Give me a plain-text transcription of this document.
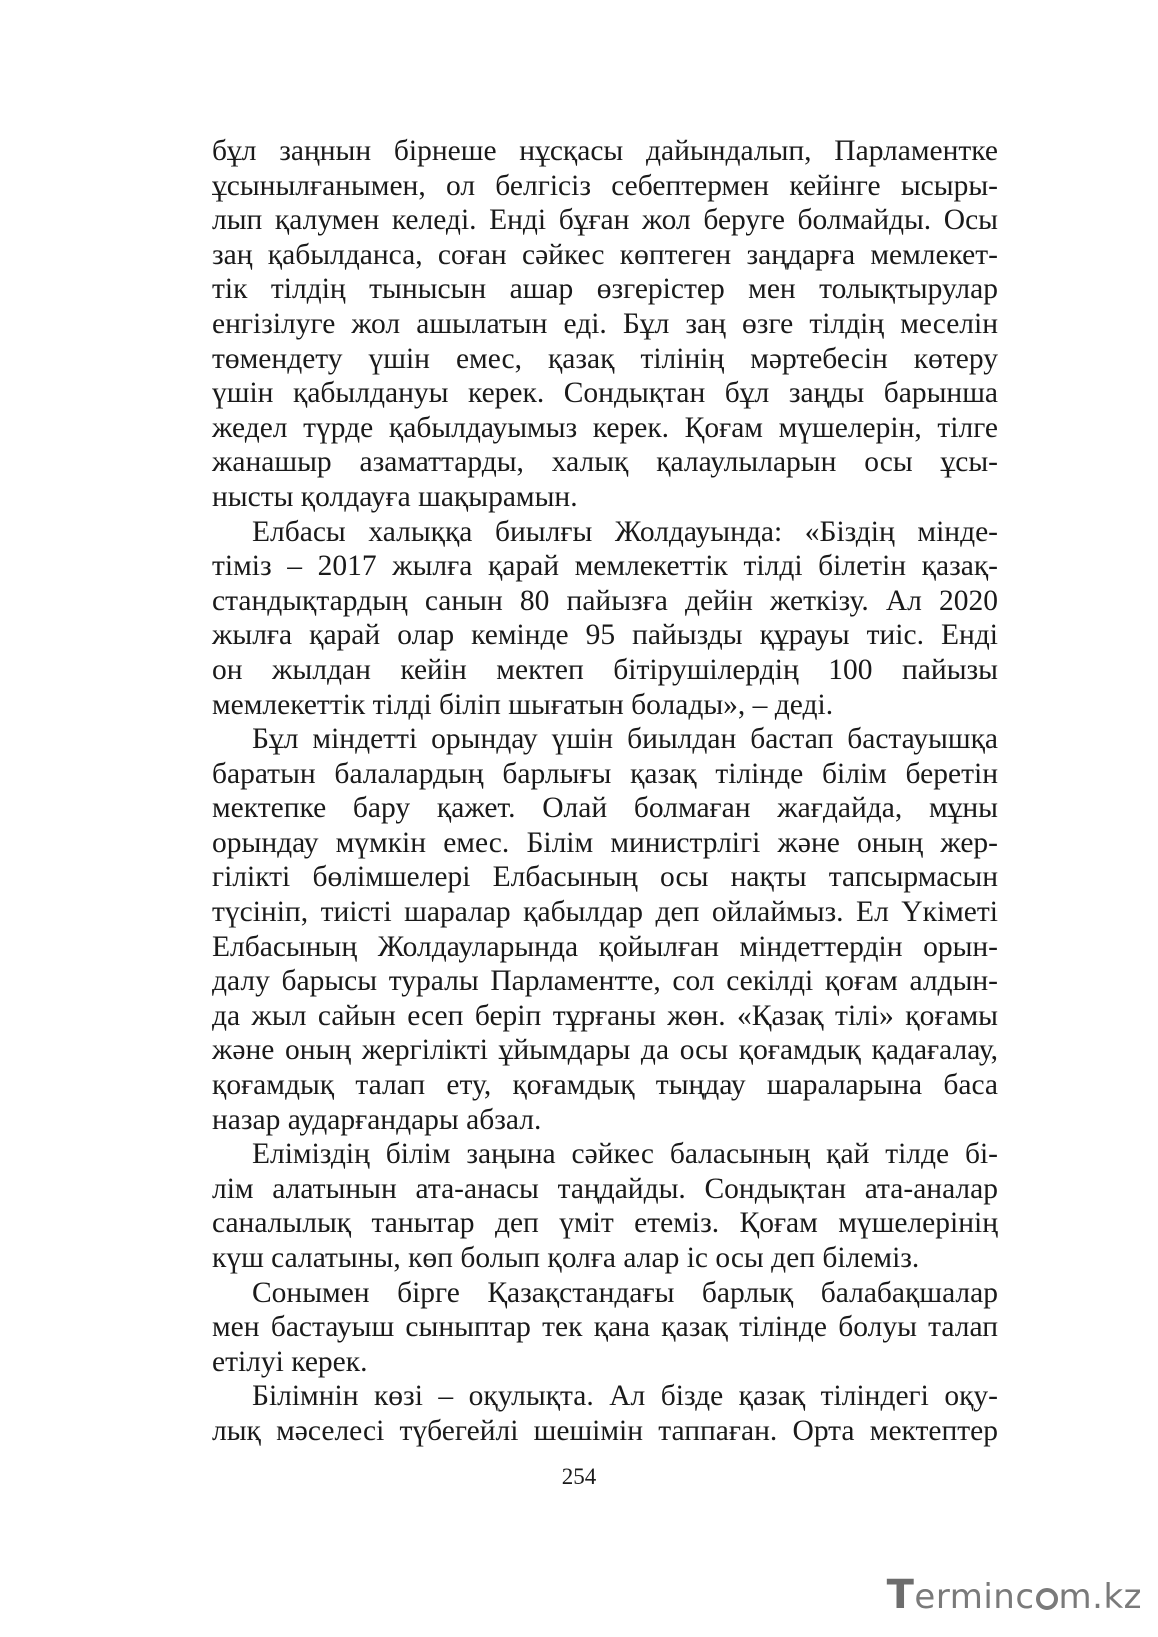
бұл заңнын бірнеше нұсқасы дайындалып, Парламентке
ұсынылғанымен, ол белгісіз себептермен кейінге ысыры-
лып қалумен келеді. Енді бұған жол беруге болмайды. Осы
заң қабылданса, соған сәйкес көптеген заңдарға мемлекет-
тік тілдің тынысын ашар өзгерістер мен толықтырулар
енгізілуге жол ашылатын еді. Бұл заң өзге тілдің меселін
төмендету үшін емес, қазақ тілінің мәртебесін көтеру
үшін қабылдануы керек. Сондықтан бұл заңды барынша
жедел түрде қабылдауымыз керек. Қоғам мүшелерін, тілге
жанашыр азаматтарды, халық қалаулыларын осы ұсы-
нысты қолдауға шақырамын.
Елбасы халыққа биылғы Жолдауында: «Біздің мінде-
тіміз – 2017 жылға қарай мемлекеттік тілді білетін қазақ-
стандықтардың санын 80 пайызға дейін жеткізу. Ал 2020
жылға қарай олар кемінде 95 пайызды құрауы тиіс. Енді
он жылдан кейін мектеп бітірушілердің 100 пайызы
мемлекеттік тілді біліп шығатын болады», – деді.
Бұл міндетті орындау үшін биылдан бастап бастауышқа
баратын балалардың барлығы қазақ тілінде білім беретін
мектепке бару қажет. Олай болмаған жағдайда, мұны
орындау мүмкін емес. Білім министрлігі және оның жер-
гілікті бөлімшелері Елбасының осы нақты тапсырмасын
түсініп, тиісті шаралар қабылдар деп ойлаймыз. Ел Үкіметі
Елбасының Жолдауларында қойылған міндеттердін орын-
далу барысы туралы Парламентте, сол секілді қоғам алдын-
да жыл сайын есеп беріп тұрғаны жөн. «Қазақ тілі» қоғамы
және оның жергілікті ұйымдары да осы қоғамдық қадағалау,
қоғамдық талап ету, қоғамдық тыңдау шараларына баса
назар аударғандары абзал.
Еліміздің білім заңына сәйкес баласының қай тілде бі-
лім алатынын ата-анасы таңдайды. Сондықтан ата-аналар
саналылық танытар деп үміт етеміз. Қоғам мүшелерінің
күш салатыны, көп болып қолға алар іс осы деп білеміз.
Сонымен бірге Қазақстандағы барлық балабақшалар
мен бастауыш сыныптар тек қана қазақ тілінде болуы талап
етілуі керек.
Білімнін көзі – оқулықта. Ал бізде қазақ тіліндегі оқу-
лық мәселесі түбегейлі шешімін таппаған. Орта мектептер
254
Terminc m.kz
